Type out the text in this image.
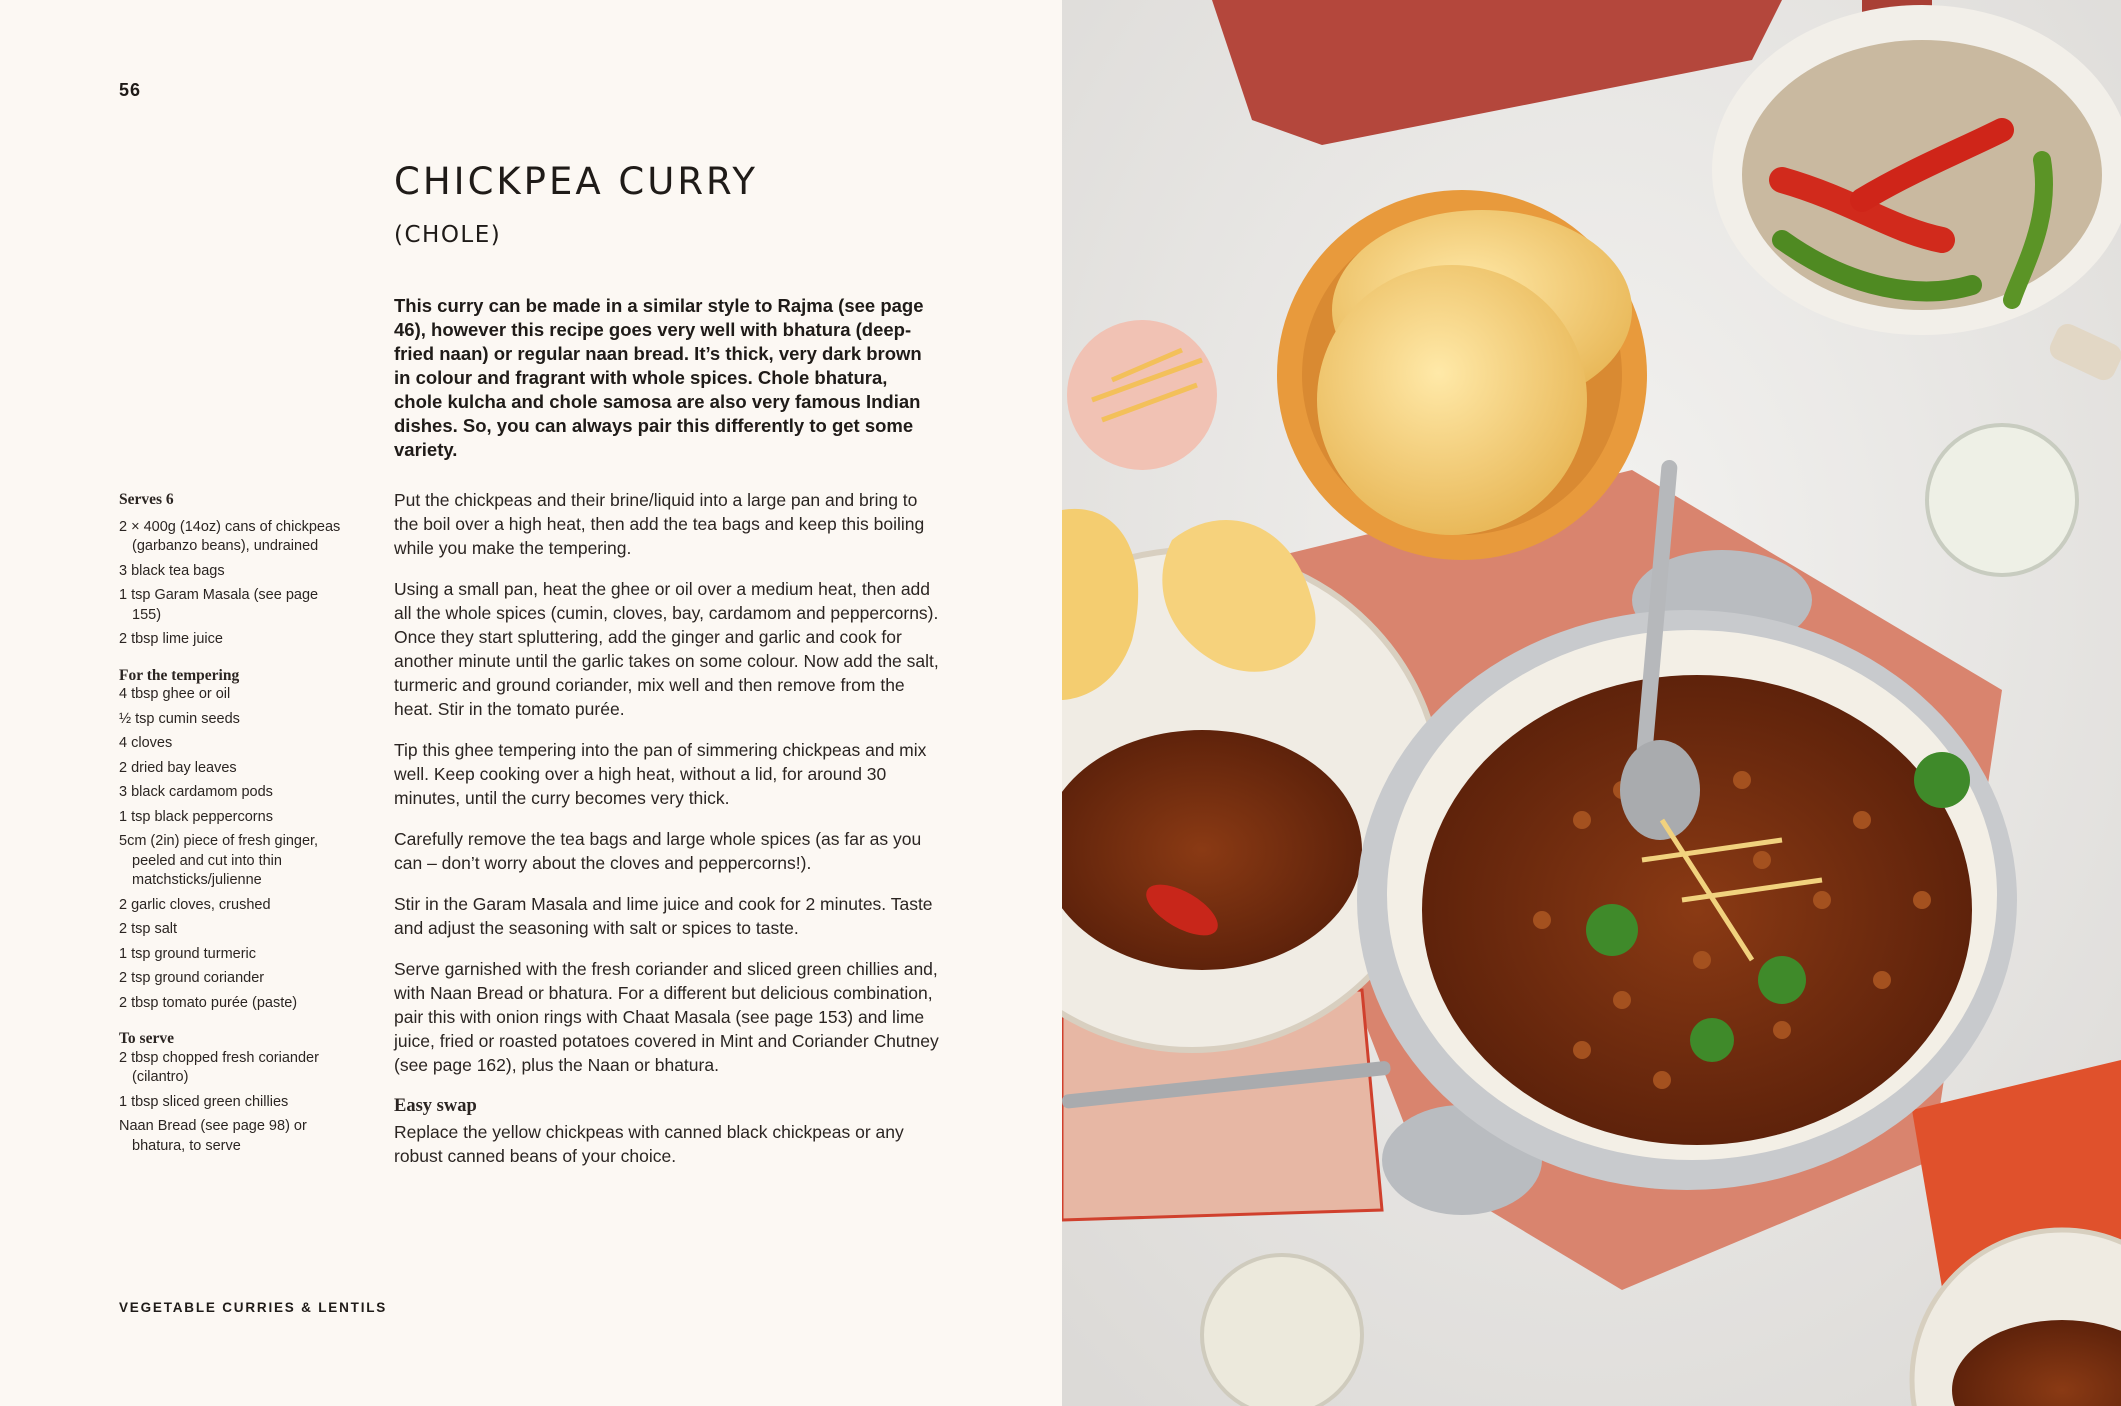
56
CHICKPEA CURRY
(CHOLE)
This curry can be made in a similar style to Rajma (see page 46), however this recipe goes very well with bhatura (deep-fried naan) or regular naan bread. It’s thick, very dark brown in colour and fragrant with whole spices. Chole bhatura, chole kulcha and chole samosa are also very famous Indian dishes. So, you can always pair this differently to get some variety.

Serves 6

2 × 400g (14oz) cans of chickpeas (garbanzo beans), undrained

3 black tea bags

1 tsp Garam Masala (see page 155)

2 tbsp lime juice

For the tempering

4 tbsp ghee or oil

½ tsp cumin seeds

4 cloves

2 dried bay leaves

3 black cardamom pods

1 tsp black peppercorns

5cm (2in) piece of fresh ginger, peeled and cut into thin matchsticks/julienne

2 garlic cloves, crushed

2 tsp salt

1 tsp ground turmeric

2 tsp ground coriander

2 tbsp tomato purée (paste)

To serve

2 tbsp chopped fresh coriander (cilantro)

1 tbsp sliced green chillies

Naan Bread (see page 98) or bhatura, to serve

Put the chickpeas and their brine/liquid into a large pan and bring to the boil over a high heat, then add the tea bags and keep this boiling while you make the tempering.

Using a small pan, heat the ghee or oil over a medium heat, then add all the whole spices (cumin, cloves, bay, cardamom and peppercorns). Once they start spluttering, add the ginger and garlic and cook for another minute until the garlic takes on some colour. Now add the salt, turmeric and ground coriander, mix well and then remove from the heat. Stir in the tomato purée.

Tip this ghee tempering into the pan of simmering chickpeas and mix well. Keep cooking over a high heat, without a lid, for around 30 minutes, until the curry becomes very thick.

Carefully remove the tea bags and large whole spices (as far as you can – don’t worry about the cloves and peppercorns!).

Stir in the Garam Masala and lime juice and cook for 2 minutes. Taste and adjust the seasoning with salt or spices to taste.

Serve garnished with the fresh coriander and sliced green chillies and, with Naan Bread or bhatura. For a different but delicious combination, pair this with onion rings with Chaat Masala (see page 153) and lime juice, fried or roasted potatoes covered in Mint and Coriander Chutney (see page 162), plus the Naan or bhatura.

Easy swap

Replace the yellow chickpeas with canned black chickpeas or any robust canned beans of your choice.

VEGETABLE CURRIES & LENTILS
